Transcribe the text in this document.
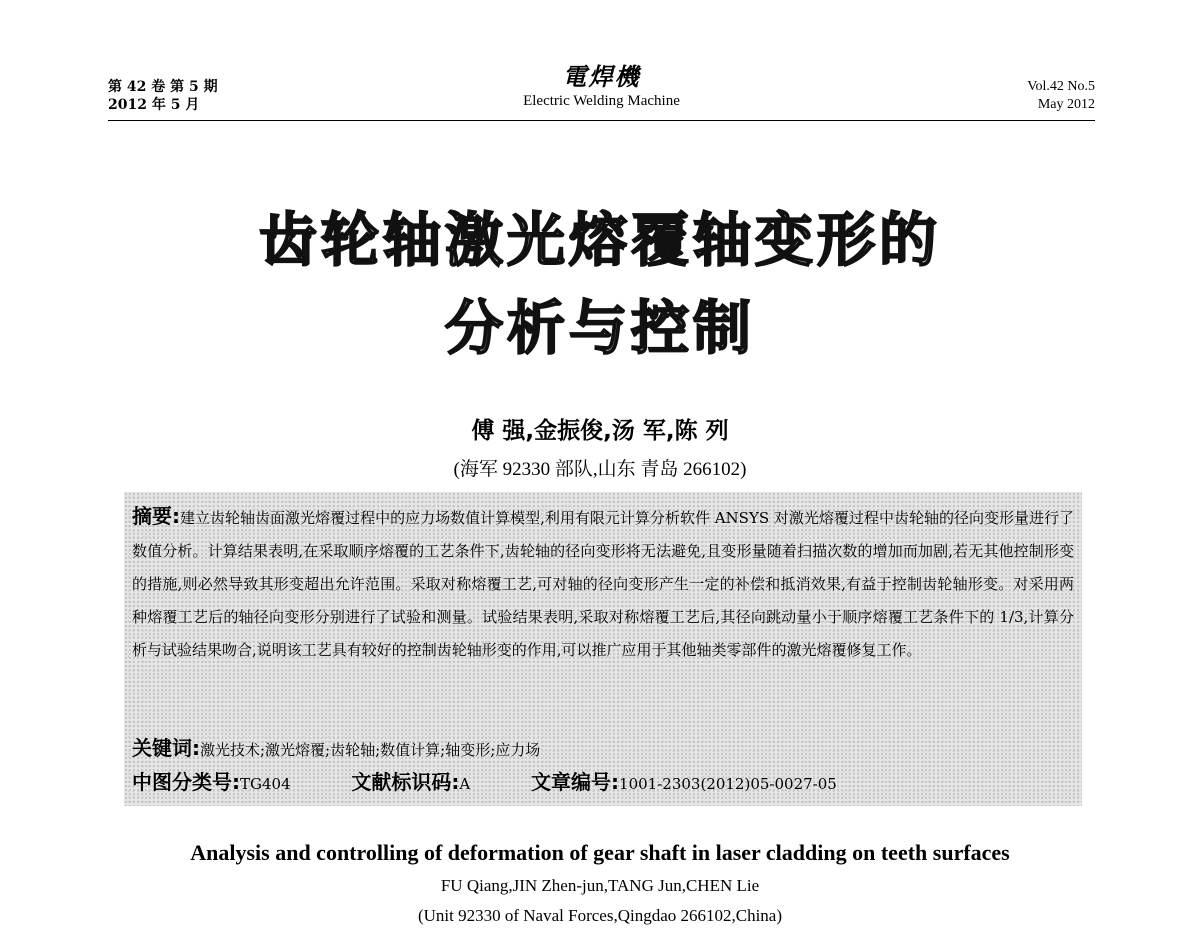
第 42 卷 第 5 期
2012 年 5 月
電焊機
Electric Welding Machine
Vol.42 No.5
May 2012
齿轮轴激光熔覆轴变形的
分析与控制
傅 强,金振俊,汤 军,陈 列
(海军 92330 部队,山东 青岛 266102)
摘要:建立齿轮轴齿面激光熔覆过程中的应力场数值计算模型,利用有限元计算分析软件 ANSYS 对激光熔覆过程中齿轮轴的径向变形量进行了数值分析。计算结果表明,在采取顺序熔覆的工艺条件下,齿轮轴的径向变形将无法避免,且变形量随着扫描次数的增加而加剧,若无其他控制形变的措施,则必然导致其形变超出允许范围。采取对称熔覆工艺,可对轴的径向变形产生一定的补偿和抵消效果,有益于控制齿轮轴形变。对采用两种熔覆工艺后的轴径向变形分别进行了试验和测量。试验结果表明,采取对称熔覆工艺后,其径向跳动量小于顺序熔覆工艺条件下的 1/3,计算分析与试验结果吻合,说明该工艺具有较好的控制齿轮轴形变的作用,可以推广应用于其他轴类零部件的激光熔覆修复工作。
关键词:激光技术;激光熔覆;齿轮轴;数值计算;轴变形;应力场
中图分类号:TG404	文献标识码:A	文章编号:1001-2303(2012)05-0027-05
Analysis and controlling of deformation of gear shaft in laser cladding on teeth surfaces
FU Qiang,JIN Zhen-jun,TANG Jun,CHEN Lie
(Unit 92330 of Naval Forces,Qingdao 266102,China)
